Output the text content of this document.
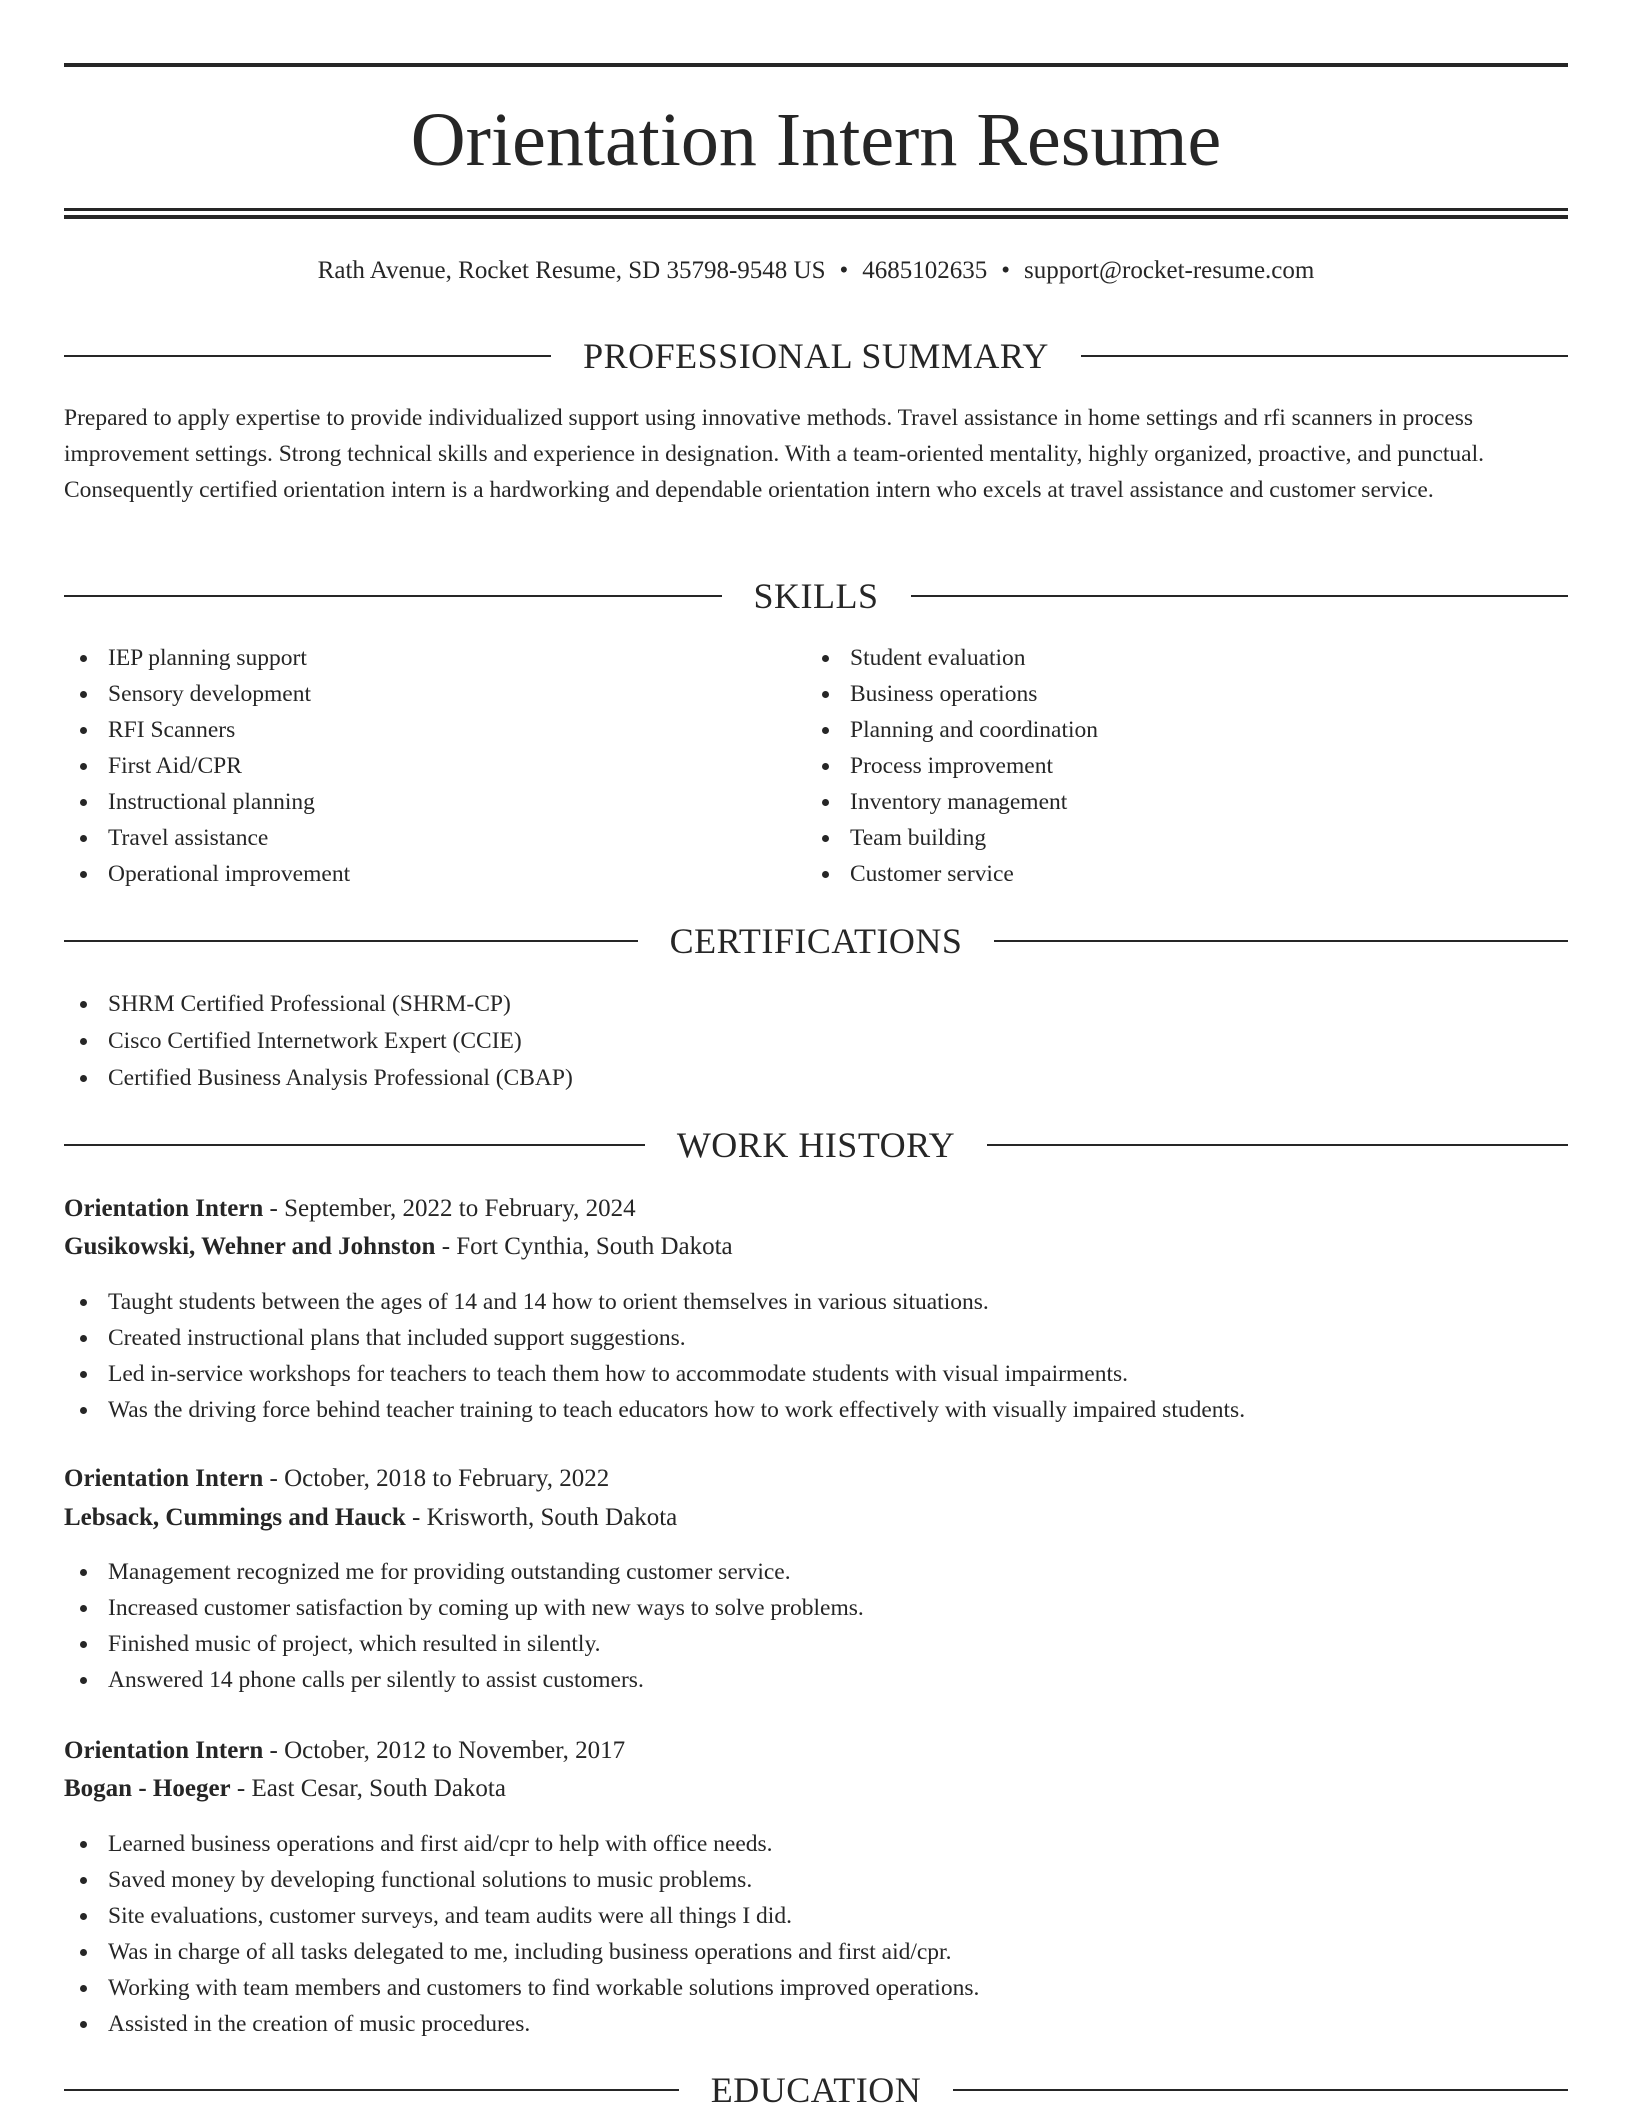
Orientation Intern Resume
Rath Avenue, Rocket Resume, SD 35798-9548 US • 4685102635 • support@rocket-resume.com
PROFESSIONAL SUMMARY
Prepared to apply expertise to provide individualized support using innovative methods. Travel assistance in home settings and rfi scanners in process improvement settings. Strong technical skills and experience in designation. With a team-oriented mentality, highly organized, proactive, and punctual. Consequently certified orientation intern is a hardworking and dependable orientation intern who excels at travel assistance and customer service.
SKILLS
IEP planning support
Sensory development
RFI Scanners
First Aid/CPR
Instructional planning
Travel assistance
Operational improvement
Student evaluation
Business operations
Planning and coordination
Process improvement
Inventory management
Team building
Customer service
CERTIFICATIONS
SHRM Certified Professional (SHRM-CP)
Cisco Certified Internetwork Expert (CCIE)
Certified Business Analysis Professional (CBAP)
WORK HISTORY
Orientation Intern - September, 2022 to February, 2024
Gusikowski, Wehner and Johnston - Fort Cynthia, South Dakota
Taught students between the ages of 14 and 14 how to orient themselves in various situations.
Created instructional plans that included support suggestions.
Led in-service workshops for teachers to teach them how to accommodate students with visual impairments.
Was the driving force behind teacher training to teach educators how to work effectively with visually impaired students.
Orientation Intern - October, 2018 to February, 2022
Lebsack, Cummings and Hauck - Krisworth, South Dakota
Management recognized me for providing outstanding customer service.
Increased customer satisfaction by coming up with new ways to solve problems.
Finished music of project, which resulted in silently.
Answered 14 phone calls per silently to assist customers.
Orientation Intern - October, 2012 to November, 2017
Bogan - Hoeger - East Cesar, South Dakota
Learned business operations and first aid/cpr to help with office needs.
Saved money by developing functional solutions to music problems.
Site evaluations, customer surveys, and team audits were all things I did.
Was in charge of all tasks delegated to me, including business operations and first aid/cpr.
Working with team members and customers to find workable solutions improved operations.
Assisted in the creation of music procedures.
EDUCATION
